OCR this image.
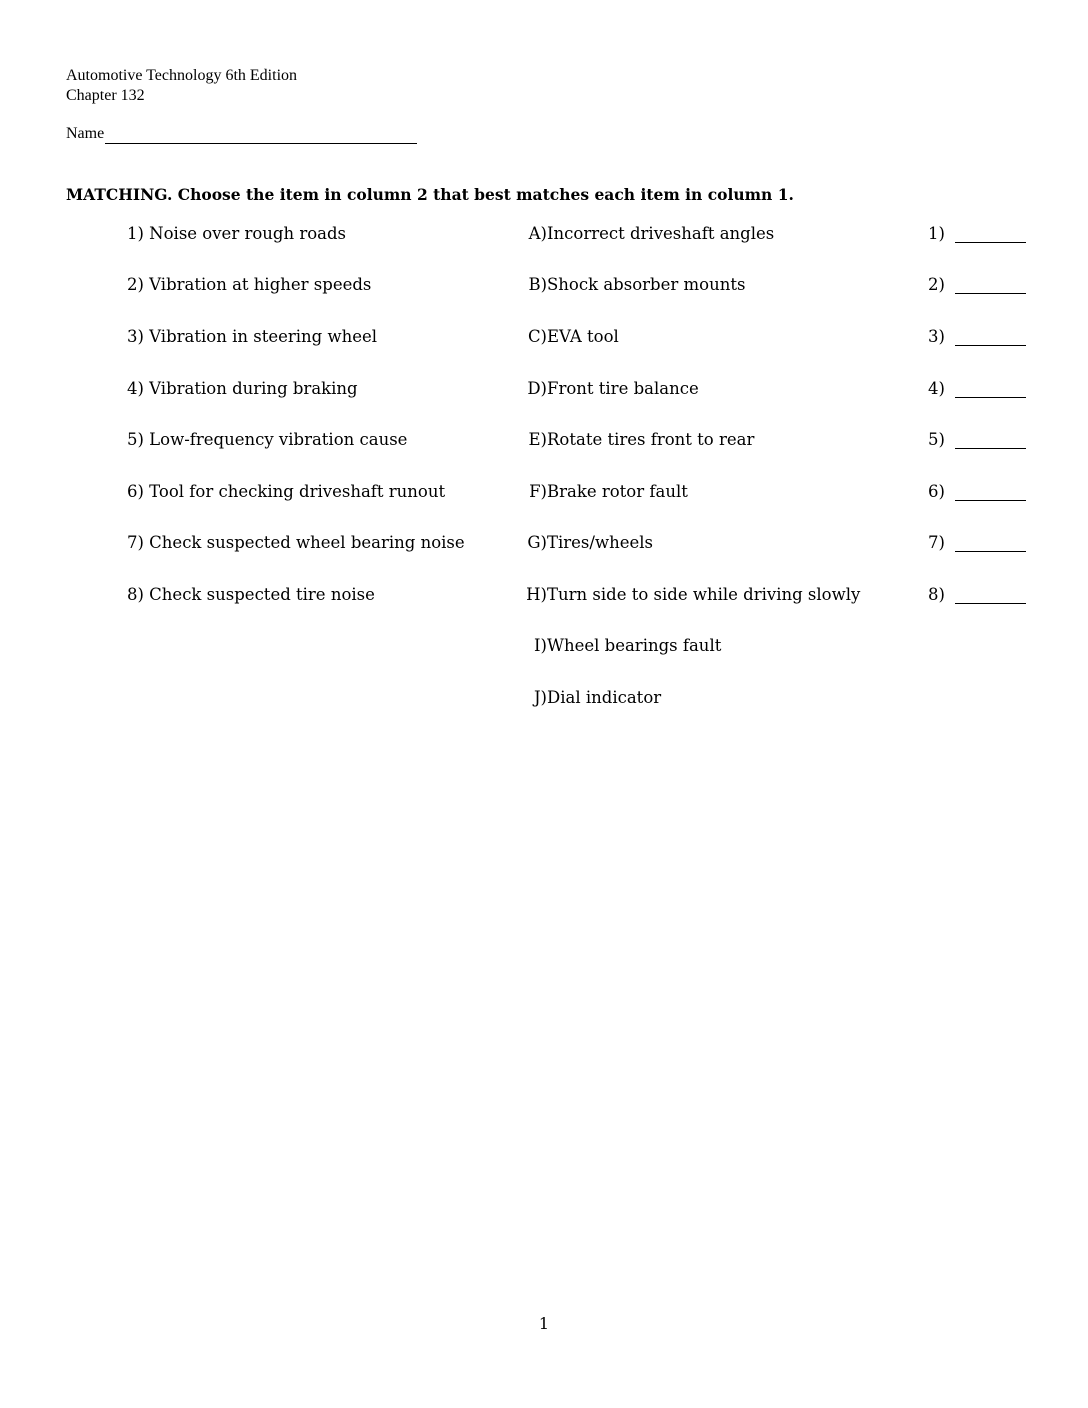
Automotive Technology 6th Edition
Chapter 132
Name
MATCHING. Choose the item in column 2 that best matches each item in column 1.
1) Noise over rough roads	A) Incorrect driveshaft angles	1)
2) Vibration at higher speeds	B) Shock absorber mounts	2)
3) Vibration in steering wheel	C) EVA tool	3)
4) Vibration during braking	D) Front tire balance	4)
5) Low-frequency vibration cause	E) Rotate tires front to rear	5)
6) Tool for checking driveshaft runout	F) Brake rotor fault	6)
7) Check suspected wheel bearing noise	G) Tires/wheels	7)
8) Check suspected tire noise	H) Turn side to side while driving slowly	8)
I) Wheel bearings fault
J) Dial indicator
1
